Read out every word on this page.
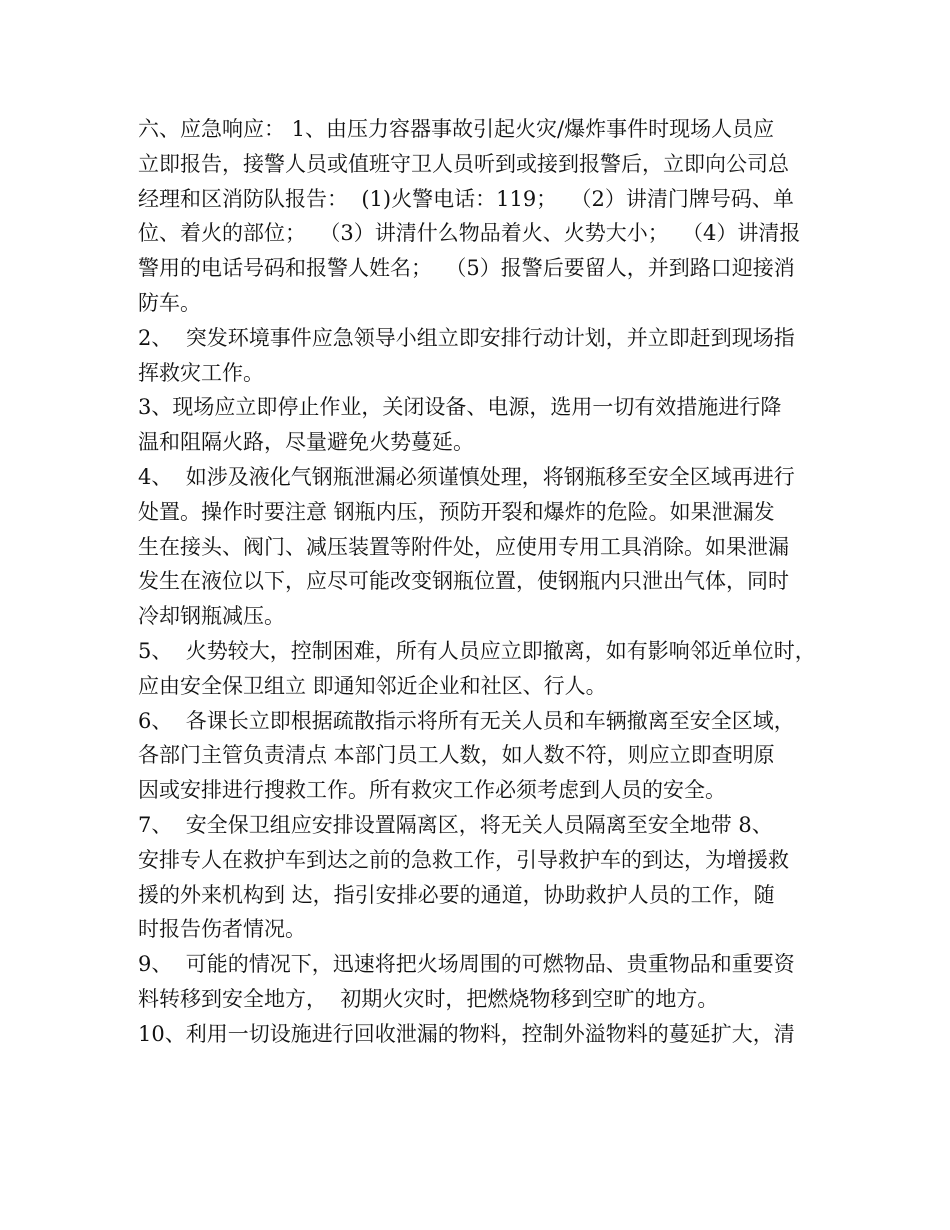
六、应急响应： 1、由压力容器事故引起火灾/爆炸事件时现场人员应
立即报告，接警人员或值班守卫人员听到或接到报警后，立即向公司总
经理和区消防队报告：  (1)火警电话：119；  （2）讲清门牌号码、单
位、着火的部位；  （3）讲清什么物品着火、火势大小；  （4）讲清报
警用的电话号码和报警人姓名；  （5）报警后要留人，并到路口迎接消
防车。
2、  突发环境事件应急领导小组立即安排行动计划，并立即赶到现场指
挥救灾工作。
3、现场应立即停止作业，关闭设备、电源，选用一切有效措施进行降
温和阻隔火路，尽量避免火势蔓延。
4、  如涉及液化气钢瓶泄漏必须谨慎处理，将钢瓶移至安全区域再进行
处置。操作时要注意 钢瓶内压，预防开裂和爆炸的危险。如果泄漏发
生在接头、阀门、减压装置等附件处，应使用专用工具消除。如果泄漏
发生在液位以下，应尽可能改变钢瓶位置，使钢瓶内只泄出气体，同时
冷却钢瓶减压。
5、  火势较大，控制困难，所有人员应立即撤离，如有影响邻近单位时，
应由安全保卫组立 即通知邻近企业和社区、行人。
6、  各课长立即根据疏散指示将所有无关人员和车辆撤离至安全区域，
各部门主管负责清点 本部门员工人数，如人数不符，则应立即查明原
因或安排进行搜救工作。所有救灾工作必须考虑到人员的安全。
7、  安全保卫组应安排设置隔离区，将无关人员隔离至安全地带 8、
安排专人在救护车到达之前的急救工作，引导救护车的到达，为增援救
援的外来机构到 达，指引安排必要的通道，协助救护人员的工作，随
时报告伤者情况。
9、  可能的情况下，迅速将把火场周围的可燃物品、贵重物品和重要资
料转移到安全地方，  初期火灾时，把燃烧物移到空旷的地方。
10、利用一切设施进行回收泄漏的物料，控制外溢物料的蔓延扩大，清
